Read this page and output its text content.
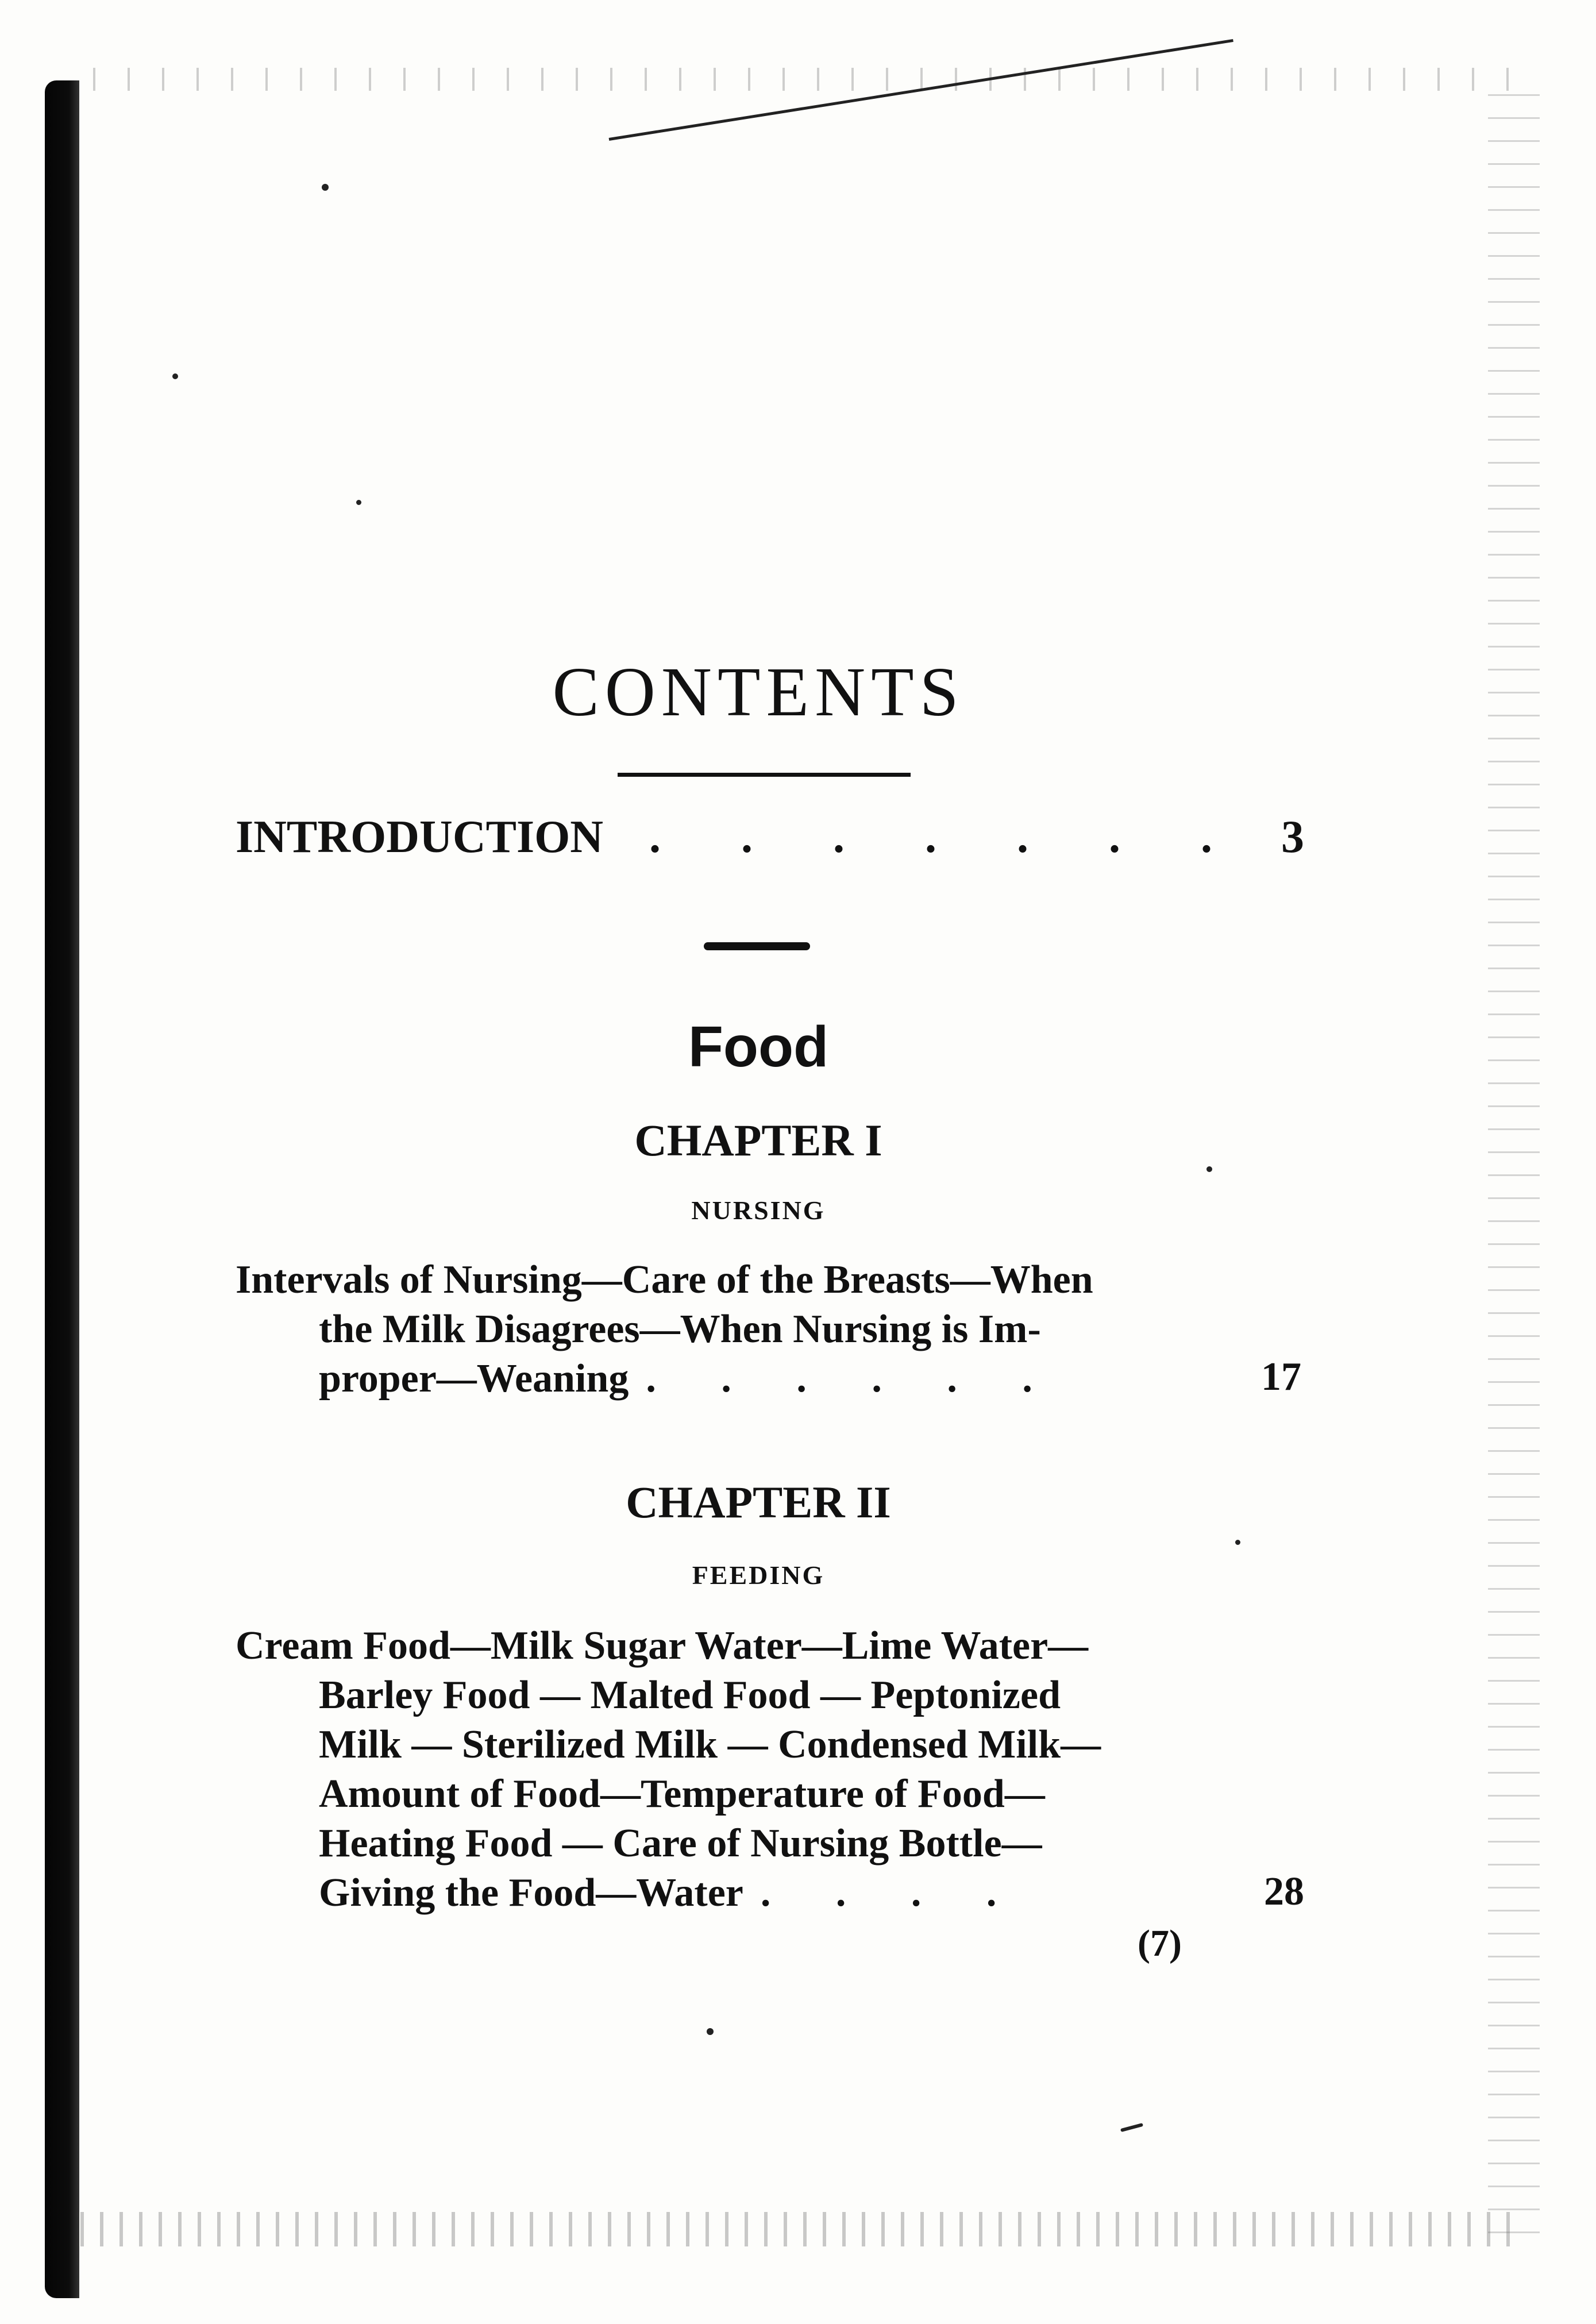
CONTENTS
INTRODUCTION . . . . . . . 3
Food
CHAPTER I
NURSING
Intervals of Nursing—Care of the Breasts—When
the Milk Disagrees—When Nursing is Im-
proper—Weaning . . . . . .	17
CHAPTER II
FEEDING
Cream Food—Milk Sugar Water—Lime Water—
Barley Food — Malted Food — Peptonized
Milk — Sterilized Milk — Condensed Milk—
Amount of Food—Temperature of Food—
Heating Food — Care of Nursing Bottle—
Giving the Food—Water . . . .	28
(7)
